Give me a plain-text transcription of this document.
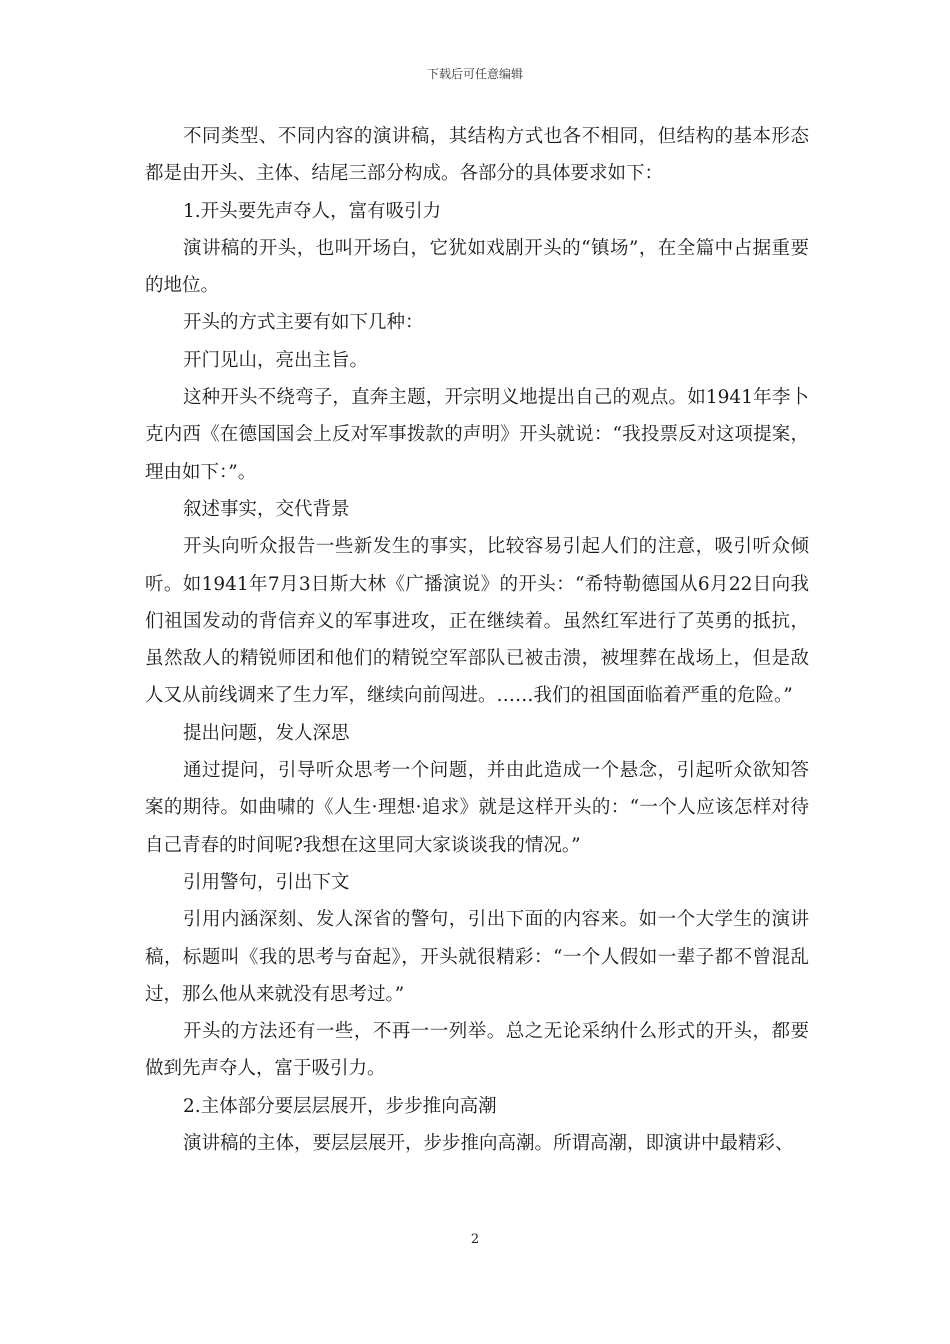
下载后可任意编辑

不同类型、不同内容的演讲稿，其结构方式也各不相同，但结构的基本形态都是由开头、主体、结尾三部分构成。各部分的具体要求如下：

1.开头要先声夺人，富有吸引力

演讲稿的开头，也叫开场白，它犹如戏剧开头的“镇场”，在全篇中占据重要的地位。

开头的方式主要有如下几种：

开门见山，亮出主旨。

这种开头不绕弯子，直奔主题，开宗明义地提出自己的观点。如1941年李卜克内西《在德国国会上反对军事拨款的声明》开头就说：“我投票反对这项提案，理由如下：”。

叙述事实，交代背景

开头向听众报告一些新发生的事实，比较容易引起人们的注意，吸引听众倾听。如1941年7月3日斯大林《广播演说》的开头：“希特勒德国从6月22日向我们祖国发动的背信弃义的军事进攻，正在继续着。虽然红军进行了英勇的抵抗，虽然敌人的精锐师团和他们的精锐空军部队已被击溃，被埋葬在战场上，但是敌人又从前线调来了生力军，继续向前闯进。……我们的祖国面临着严重的危险。”

提出问题，发人深思

通过提问，引导听众思考一个问题，并由此造成一个悬念，引起听众欲知答案的期待。如曲啸的《人生·理想·追求》就是这样开头的：“一个人应该怎样对待自己青春的时间呢?我想在这里同大家谈谈我的情况。”

引用警句，引出下文

引用内涵深刻、发人深省的警句，引出下面的内容来。如一个大学生的演讲稿，标题叫《我的思考与奋起》，开头就很精彩：“一个人假如一辈子都不曾混乱过，那么他从来就没有思考过。”

开头的方法还有一些，不再一一列举。总之无论采纳什么形式的开头，都要做到先声夺人，富于吸引力。

2.主体部分要层层展开，步步推向高潮

演讲稿的主体，要层层展开，步步推向高潮。所谓高潮，即演讲中最精彩、

2
